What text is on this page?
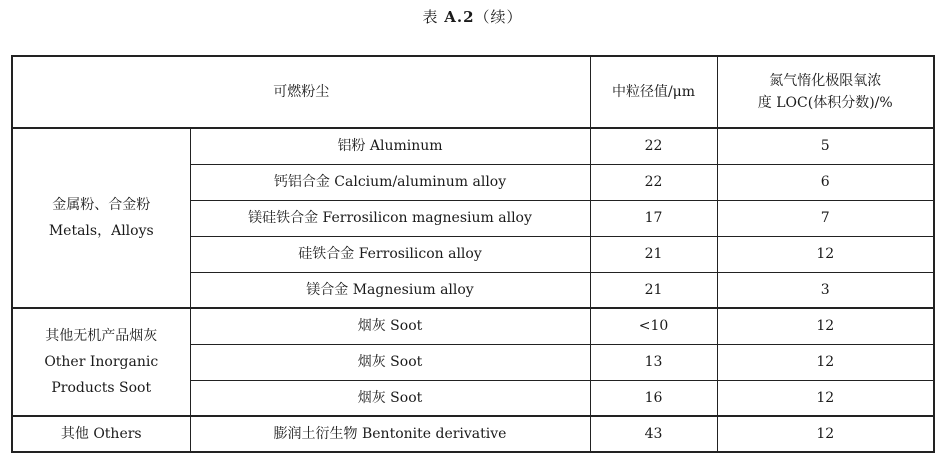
表 A.2（续）
可燃粉尘		中粒径值/μm	氮气惰化极限氧浓
度 LOC(体积分数)/%
金属粉、合金粉
Metals，Alloys	铝粉 Aluminum	22	5
	钙铝合金 Calcium/aluminum alloy	22	6
	镁硅铁合金 Ferrosilicon magnesium alloy	17	7
	硅铁合金 Ferrosilicon alloy	21	12
	镁合金 Magnesium alloy	21	3
其他无机产品烟灰
Other Inorganic
Products Soot	烟灰 Soot	<10	12
	烟灰 Soot	13	12
	烟灰 Soot	16	12
其他 Others	膨润土衍生物 Bentonite derivative	43	12
